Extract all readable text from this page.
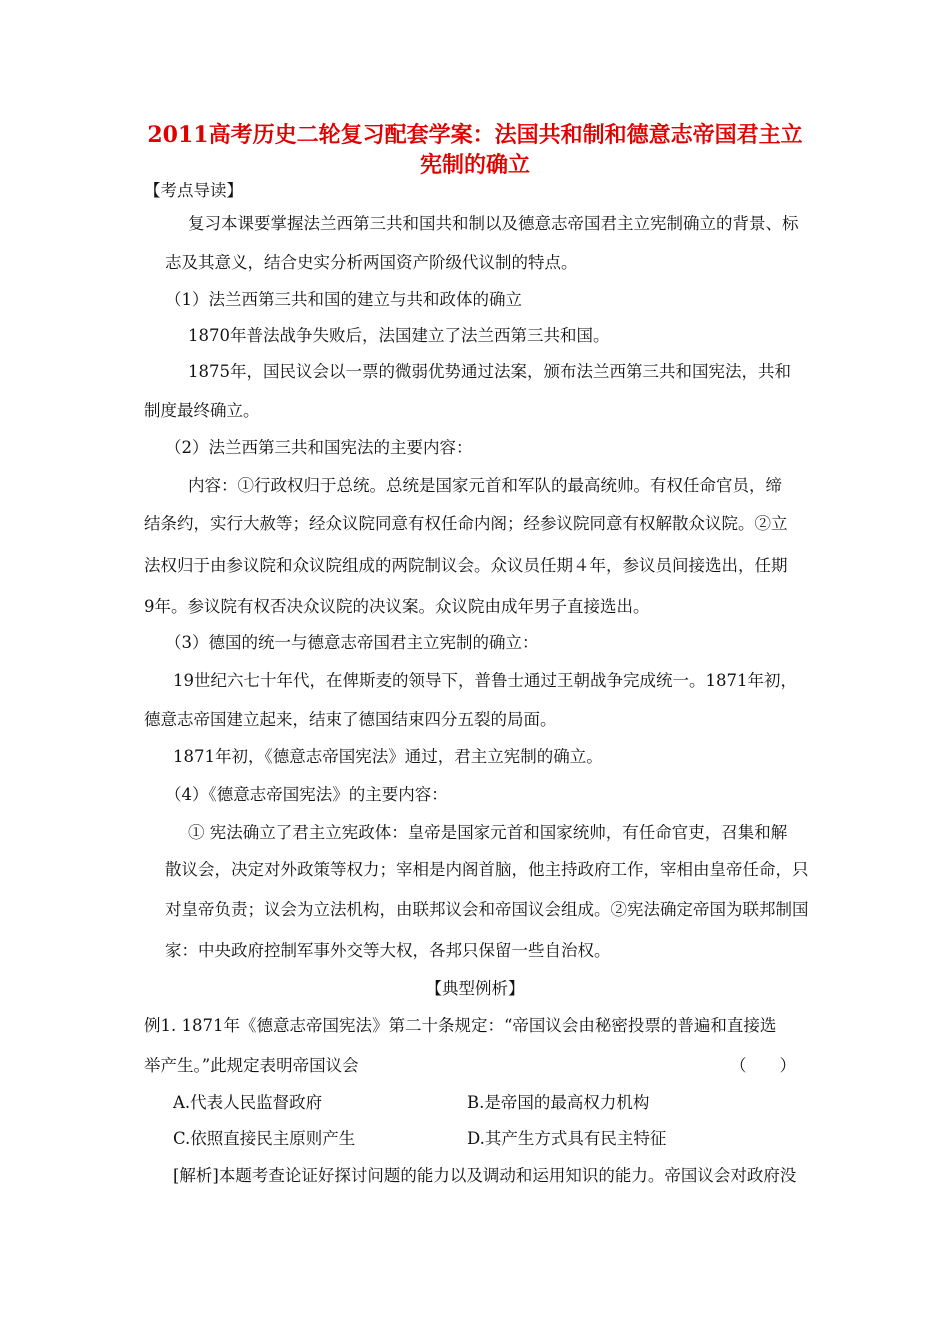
2011高考历史二轮复习配套学案：法国共和制和德意志帝国君主立
宪制的确立
【考点导读】
复习本课要掌握法兰西第三共和国共和制以及德意志帝国君主立宪制确立的背景、标
志及其意义，结合史实分析两国资产阶级代议制的特点。
（1）法兰西第三共和国的建立与共和政体的确立
1870年普法战争失败后，法国建立了法兰西第三共和国。
1875年，国民议会以一票的微弱优势通过法案，颁布法兰西第三共和国宪法，共和
制度最终确立。
（2）法兰西第三共和国宪法的主要内容：
内容：①行政权归于总统。总统是国家元首和军队的最高统帅。有权任命官员，缔
结条约，实行大赦等；经众议院同意有权任命内阁；经参议院同意有权解散众议院。②立
法权归于由参议院和众议院组成的两院制议会。众议员任期４年，参议员间接选出，任期
9年。参议院有权否决众议院的决议案。众议院由成年男子直接选出。
（3）德国的统一与德意志帝国君主立宪制的确立：
19世纪六七十年代，在俾斯麦的领导下，普鲁士通过王朝战争完成统一。1871年初，
德意志帝国建立起来，结束了德国结束四分五裂的局面。
1871年初，《德意志帝国宪法》通过，君主立宪制的确立。
（4）《德意志帝国宪法》的主要内容：
① 宪法确立了君主立宪政体：皇帝是国家元首和国家统帅，有任命官吏，召集和解
散议会，决定对外政策等权力；宰相是内阁首脑，他主持政府工作，宰相由皇帝任命，只
对皇帝负责；议会为立法机构，由联邦议会和帝国议会组成。②宪法确定帝国为联邦制国
家：中央政府控制军事外交等大权，各邦只保留一些自治权。
【典型例析】
例1. 1871年《德意志帝国宪法》第二十条规定：“帝国议会由秘密投票的普遍和直接选
举产生。”此规定表明帝国议会	（　　）
A.代表人民监督政府	B.是帝国的最高权力机构
C.依照直接民主原则产生	D.其产生方式具有民主特征
[解析]本题考查论证好探讨问题的能力以及调动和运用知识的能力。帝国议会对政府没
